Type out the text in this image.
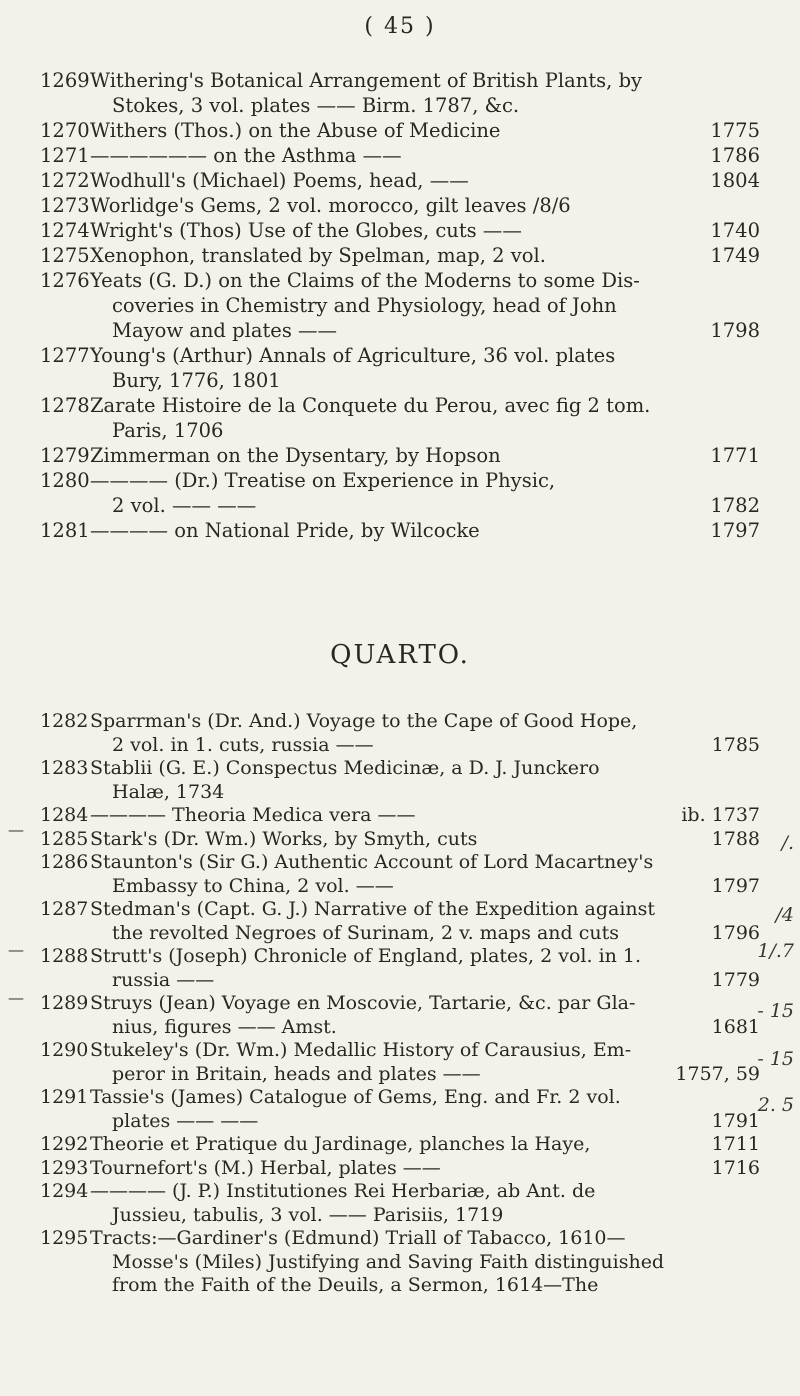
( 45 )
1269 Withering's Botanical Arrangement of British Plants, by
Stokes, 3 vol. plates —— Birm. 1787, &c.
1270 Withers (Thos.) on the Abuse of Medicine	1775
1271 —————— on the Asthma ——	1786
1272 Wodhull's (Michael) Poems, head, ——	1804
1273 Worlidge's Gems, 2 vol. morocco, gilt leaves /8/6
1274 Wright's (Thos) Use of the Globes, cuts ——	1740
1275 Xenophon, translated by Spelman, map, 2 vol.	1749
1276 Yeats (G. D.) on the Claims of the Moderns to some Dis-
coveries in Chemistry and Physiology, head of John
Mayow and plates ——	1798
1277 Young's (Arthur) Annals of Agriculture, 36 vol. plates
Bury, 1776, 1801
1278 Zarate Histoire de la Conquete du Perou, avec fig 2 tom.
Paris, 1706
1279 Zimmerman on the Dysentary, by Hopson	1771
1280 ———— (Dr.) Treatise on Experience in Physic,
2 vol. —— ——	1782
1281 ———— on National Pride, by Wilcocke	1797
QUARTO.
1282 Sparrman's (Dr. And.) Voyage to the Cape of Good Hope,
2 vol. in 1. cuts, russia ——	1785
1283 Stablii (G. E.) Conspectus Medicinæ, a D. J. Junckero
Halæ, 1734
1284 ———— Theoria Medica vera ——	ib. 1737
1285 Stark's (Dr. Wm.) Works, by Smyth, cuts	1788
1286 Staunton's (Sir G.) Authentic Account of Lord Macartney's
Embassy to China, 2 vol. ——	1797
1287 Stedman's (Capt. G. J.) Narrative of the Expedition against
the revolted Negroes of Surinam, 2 v. maps and cuts	1796
1288 Strutt's (Joseph) Chronicle of England, plates, 2 vol. in 1.
russia ——	1779
1289 Struys (Jean) Voyage en Moscovie, Tartarie, &c. par Gla-
nius, figures —— Amst.	1681
1290 Stukeley's (Dr. Wm.) Medallic History of Carausius, Em-
peror in Britain, heads and plates ——	1757, 59
1291 Tassie's (James) Catalogue of Gems, Eng. and Fr. 2 vol.
plates —— ——	1791
1292 Theorie et Pratique du Jardinage, planches la Haye,	1711
1293 Tournefort's (M.) Herbal, plates ——	1716
1294 ———— (J. P.) Institutiones Rei Herbariæ, ab Ant. de
Jussieu, tabulis, 3 vol. —— Parisiis, 1719
1295 Tracts:—Gardiner's (Edmund) Triall of Tabacco, 1610—
Mosse's (Miles) Justifying and Saving Faith distinguished
from the Faith of the Deuils, a Sermon, 1614—The
/.
/4
1/.7
- 15
- 15
2. 5
—
—
—
